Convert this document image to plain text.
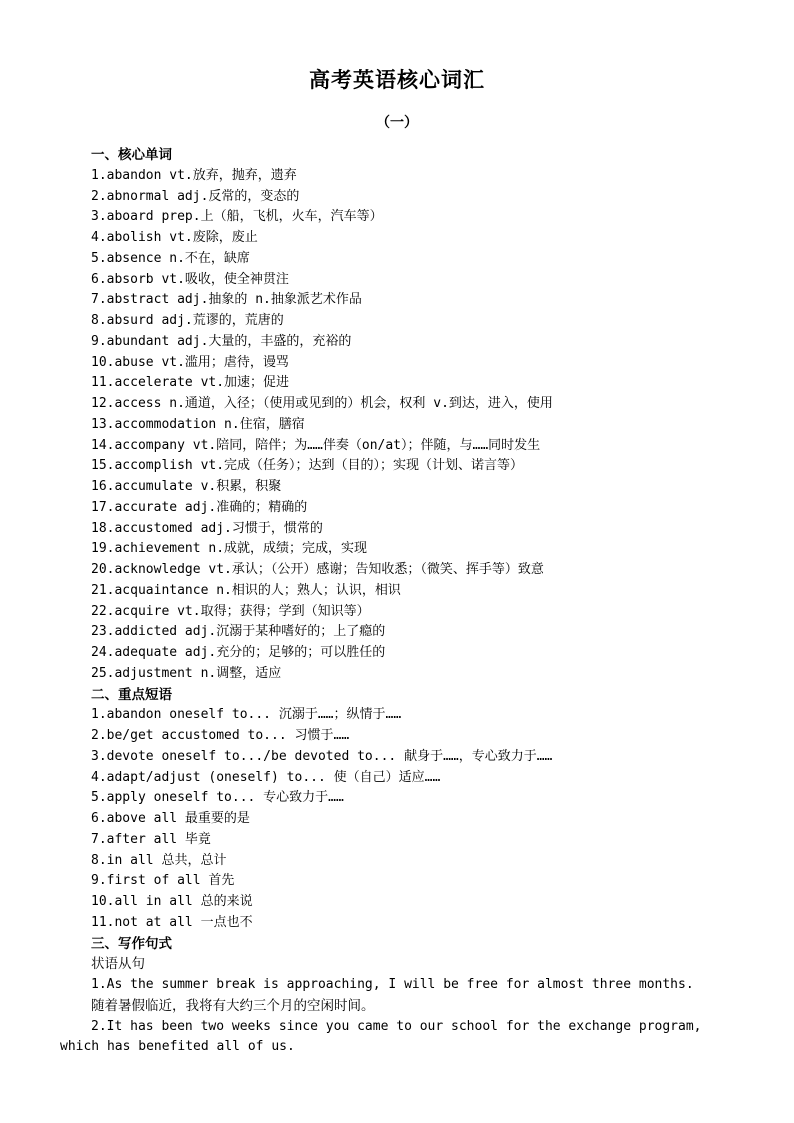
高考英语核心词汇
（一）
一、核心单词
1.abandon vt.放弃，抛弃，遗弃
2.abnormal adj.反常的，变态的
3.aboard prep.上（船，飞机，火车，汽车等）
4.abolish vt.废除，废止
5.absence n.不在，缺席
6.absorb vt.吸收，使全神贯注
7.abstract adj.抽象的 n.抽象派艺术作品
8.absurd adj.荒谬的，荒唐的
9.abundant adj.大量的，丰盛的，充裕的
10.abuse vt.滥用；虐待，谩骂
11.accelerate vt.加速；促进
12.access n.通道，入径；（使用或见到的）机会，权利 v.到达，进入，使用
13.accommodation n.住宿，膳宿
14.accompany vt.陪同，陪伴；为……伴奏（on/at）；伴随，与……同时发生
15.accomplish vt.完成（任务）；达到（目的）；实现（计划、诺言等）
16.accumulate v.积累，积聚
17.accurate adj.准确的；精确的
18.accustomed adj.习惯于，惯常的
19.achievement n.成就，成绩；完成，实现
20.acknowledge vt.承认；（公开）感谢；告知收悉；（微笑、挥手等）致意
21.acquaintance n.相识的人；熟人；认识，相识
22.acquire vt.取得；获得；学到（知识等）
23.addicted adj.沉溺于某种嗜好的；上了瘾的
24.adequate adj.充分的；足够的；可以胜任的
25.adjustment n.调整，适应
二、重点短语
1.abandon oneself to... 沉溺于……；纵情于……
2.be/get accustomed to... 习惯于……
3.devote oneself to.../be devoted to... 献身于……，专心致力于……
4.adapt/adjust (oneself) to... 使（自己）适应……
5.apply oneself to... 专心致力于……
6.above all 最重要的是
7.after all 毕竟
8.in all 总共，总计
9.first of all 首先
10.all in all 总的来说
11.not at all 一点也不
三、写作句式
状语从句
1.As the summer break is approaching, I will be free for almost three months.
随着暑假临近，我将有大约三个月的空闲时间。
2.It has been two weeks since you came to our school for the exchange program, which has benefited all of us.
